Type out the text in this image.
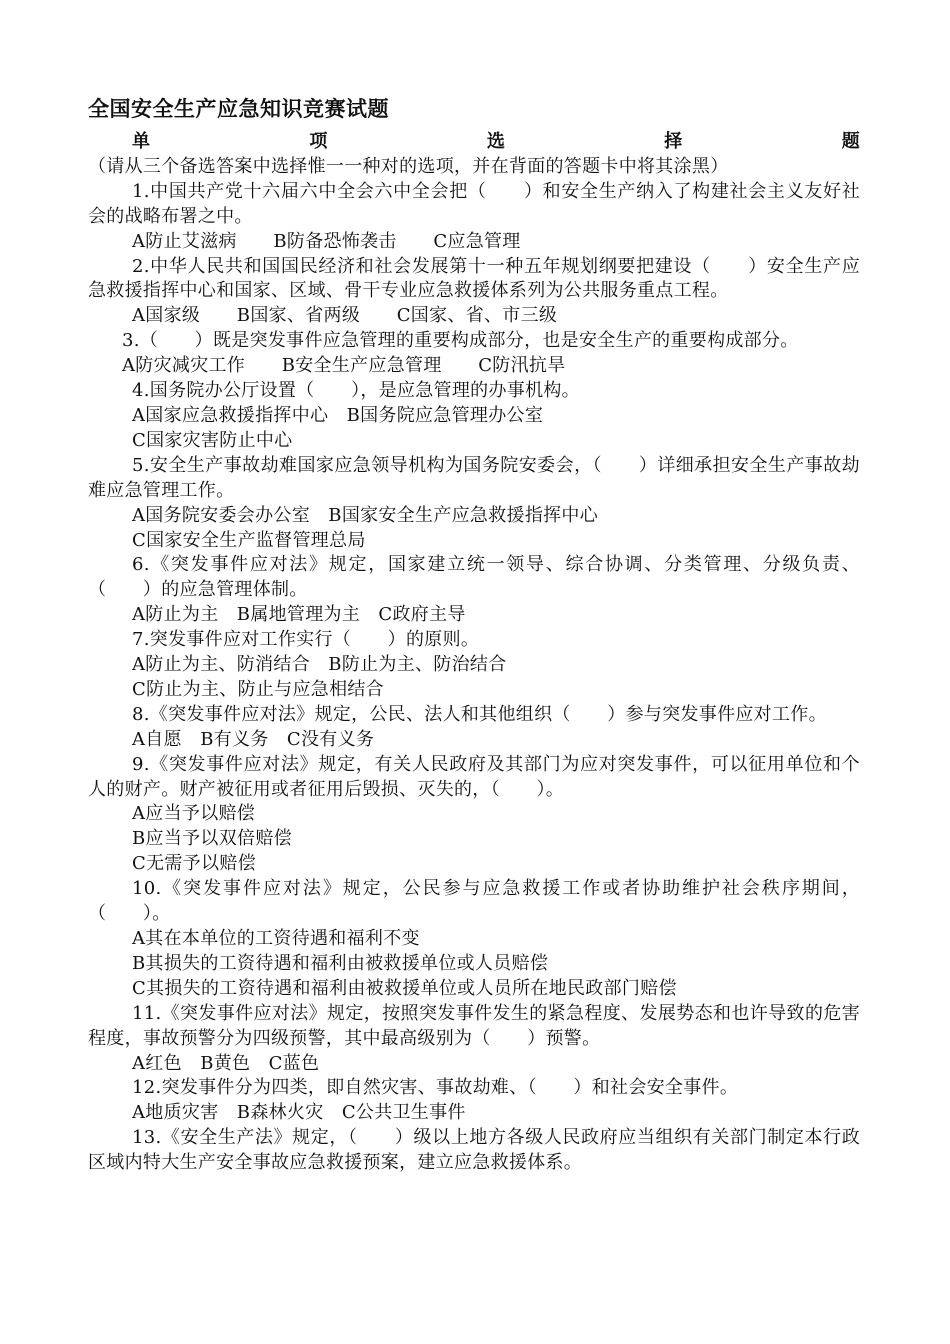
全国安全生产应急知识竞赛试题

单项选择题（请从三个备选答案中选择惟一一种对的选项，并在背面的答题卡中将其涂黑）

1.中国共产党十六届六中全会六中全会把（　　）和安全生产纳入了构建社会主义友好社会的战略布署之中。

A防止艾滋病　　B防备恐怖袭击　　C应急管理

2.中华人民共和国国民经济和社会发展第十一种五年规划纲要把建设（　　）安全生产应急救援指挥中心和国家、区域、骨干专业应急救援体系列为公共服务重点工程。

A国家级　　B国家、省两级　　C国家、省、市三级

3.（　　）既是突发事件应急管理的重要构成部分，也是安全生产的重要构成部分。

A防灾减灾工作　　B安全生产应急管理　　C防汛抗旱

4.国务院办公厅设置（　　），是应急管理的办事机构。

A国家应急救援指挥中心　B国务院应急管理办公室

C国家灾害防止中心

5.安全生产事故劫难国家应急领导机构为国务院安委会，（　　）详细承担安全生产事故劫难应急管理工作。

A国务院安委会办公室　B国家安全生产应急救援指挥中心

C国家安全生产监督管理总局

6.《突发事件应对法》规定，国家建立统一领导、综合协调、分类管理、分级负责、（　　）的应急管理体制。

A防止为主　B属地管理为主　C政府主导

7.突发事件应对工作实行（　　）的原则。

A防止为主、防消结合　B防止为主、防治结合

C防止为主、防止与应急相结合

8.《突发事件应对法》规定，公民、法人和其他组织（　　）参与突发事件应对工作。

A自愿　B有义务　C没有义务

9.《突发事件应对法》规定，有关人民政府及其部门为应对突发事件，可以征用单位和个人的财产。财产被征用或者征用后毁损、灭失的，（　　）。

A应当予以赔偿

B应当予以双倍赔偿

C无需予以赔偿

10.《突发事件应对法》规定，公民参与应急救援工作或者协助维护社会秩序期间，（　　）。

A其在本单位的工资待遇和福利不变

B其损失的工资待遇和福利由被救援单位或人员赔偿

C其损失的工资待遇和福利由被救援单位或人员所在地民政部门赔偿

11.《突发事件应对法》规定，按照突发事件发生的紧急程度、发展势态和也许导致的危害程度，事故预警分为四级预警，其中最高级别为（　　）预警。

A红色　B黄色　C蓝色

12.突发事件分为四类，即自然灾害、事故劫难、（　　）和社会安全事件。

A地质灾害　B森林火灾　C公共卫生事件

13.《安全生产法》规定，（　　）级以上地方各级人民政府应当组织有关部门制定本行政区域内特大生产安全事故应急救援预案，建立应急救援体系。
